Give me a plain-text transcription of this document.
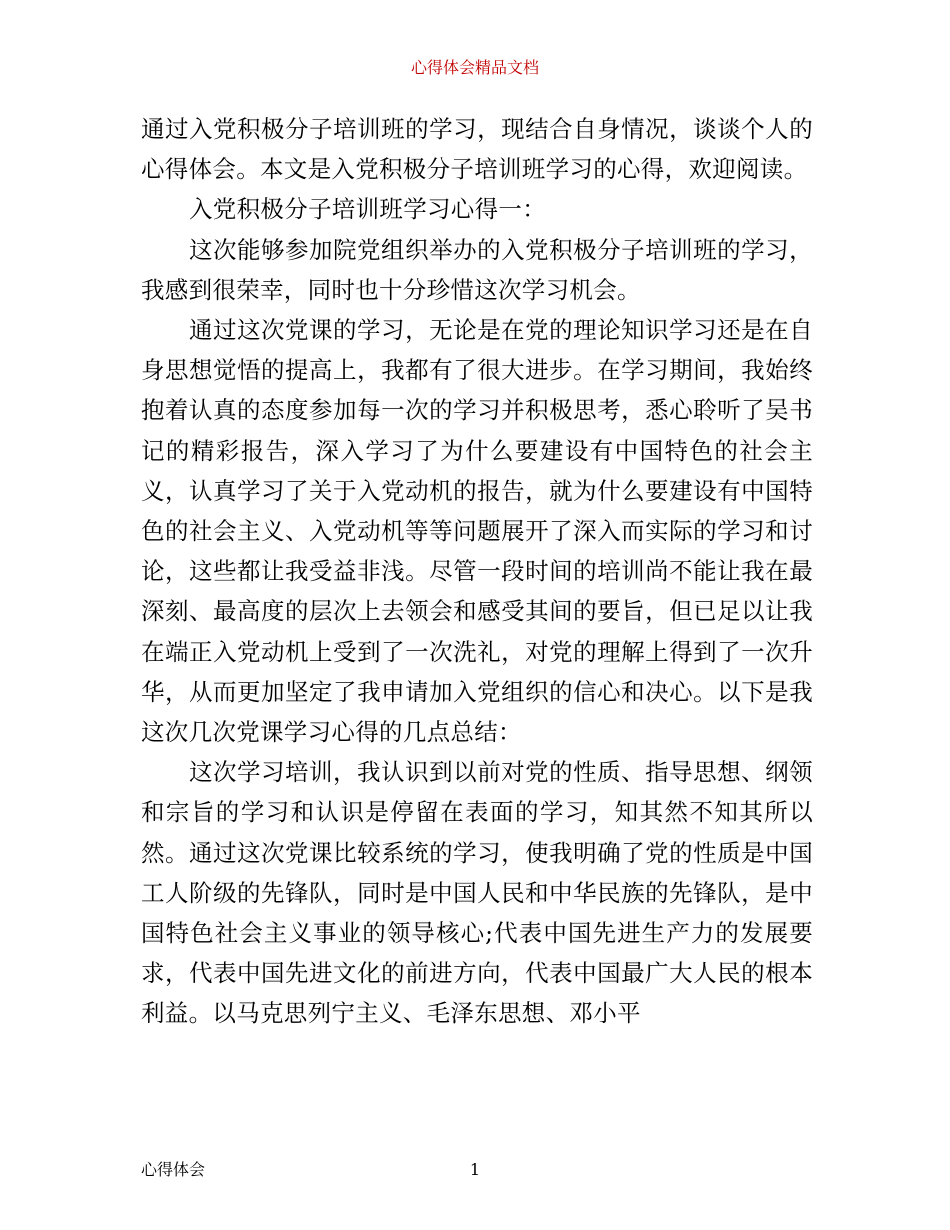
心得体会精品文档

通过入党积极分子培训班的学习，现结合自身情况，谈谈个人的心得体会。本文是入党积极分子培训班学习的心得，欢迎阅读。

入党积极分子培训班学习心得一：

这次能够参加院党组织举办的入党积极分子培训班的学习，我感到很荣幸，同时也十分珍惜这次学习机会。

通过这次党课的学习，无论是在党的理论知识学习还是在自身思想觉悟的提高上，我都有了很大进步。在学习期间，我始终抱着认真的态度参加每一次的学习并积极思考，悉心聆听了吴书记的精彩报告，深入学习了为什么要建设有中国特色的社会主义，认真学习了关于入党动机的报告，就为什么要建设有中国特色的社会主义、入党动机等等问题展开了深入而实际的学习和讨论，这些都让我受益非浅。尽管一段时间的培训尚不能让我在最深刻、最高度的层次上去领会和感受其间的要旨，但已足以让我在端正入党动机上受到了一次洗礼，对党的理解上得到了一次升华，从而更加坚定了我申请加入党组织的信心和决心。以下是我这次几次党课学习心得的几点总结：

这次学习培训，我认识到以前对党的性质、指导思想、纲领和宗旨的学习和认识是停留在表面的学习，知其然不知其所以然。通过这次党课比较系统的学习，使我明确了党的性质是中国工人阶级的先锋队，同时是中国人民和中华民族的先锋队，是中国特色社会主义事业的领导核心;代表中国先进生产力的发展要求，代表中国先进文化的前进方向，代表中国最广大人民的根本利益。以马克思列宁主义、毛泽东思想、邓小平

心得体会	1
